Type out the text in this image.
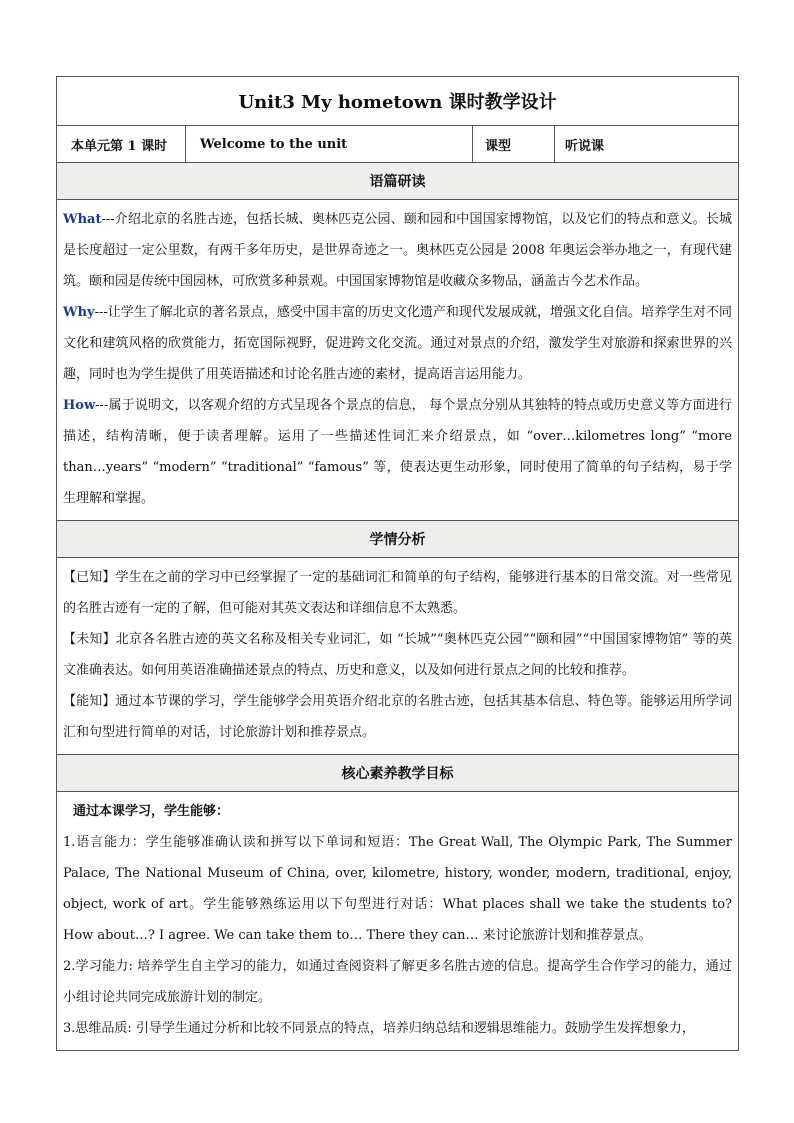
Unit3 My hometown 课时教学设计
本单元第 1 课时	Welcome to the unit	课型	听说课
语篇研读

What---介绍北京的名胜古迹，包括长城、奥林匹克公园、颐和园和中国国家博物馆，以及它们的特点和意义。长城是长度超过一定公里数，有两千多年历史，是世界奇迹之一。奥林匹克公园是 2008 年奥运会举办地之一，有现代建筑。颐和园是传统中国园林，可欣赏多种景观。中国国家博物馆是收藏众多物品，涵盖古今艺术作品。

Why---让学生了解北京的著名景点，感受中国丰富的历史文化遗产和现代发展成就，增强文化自信。培养学生对不同文化和建筑风格的欣赏能力，拓宽国际视野，促进跨文化交流。通过对景点的介绍，激发学生对旅游和探索世界的兴趣，同时也为学生提供了用英语描述和讨论名胜古迹的素材，提高语言运用能力。

How---属于说明文，以客观介绍的方式呈现各个景点的信息， 每个景点分别从其独特的特点或历史意义等方面进行描述，结构清晰，便于读者理解。运用了一些描述性词汇来介绍景点，如 “over…kilometres long” “more than…years” “modern” “traditional” “famous” 等，使表达更生动形象，同时使用了简单的句子结构，易于学生理解和掌握。

学情分析

【已知】学生在之前的学习中已经掌握了一定的基础词汇和简单的句子结构，能够进行基本的日常交流。对一些常见的名胜古迹有一定的了解，但可能对其英文表达和详细信息不太熟悉。

【未知】北京各名胜古迹的英文名称及相关专业词汇，如 “长城”“奥林匹克公园”“颐和园”“中国国家博物馆” 等的英文准确表达。如何用英语准确描述景点的特点、历史和意义，以及如何进行景点之间的比较和推荐。

【能知】通过本节课的学习，学生能够学会用英语介绍北京的名胜古迹，包括其基本信息、特色等。能够运用所学词汇和句型进行简单的对话，讨论旅游计划和推荐景点。

核心素养教学目标

通过本课学习，学生能够：

1.语言能力：学生能够准确认读和拼写以下单词和短语：The Great Wall, The Olympic Park, The Summer Palace, The National Museum of China, over, kilometre, history, wonder, modern, traditional, enjoy, object, work of art。学生能够熟练运用以下句型进行对话：What places shall we take the students to? How about…? I agree. We can take them to… There they can… 来讨论旅游计划和推荐景点。

2.学习能力: 培养学生自主学习的能力，如通过查阅资料了解更多名胜古迹的信息。提高学生合作学习的能力，通过小组讨论共同完成旅游计划的制定。

3.思维品质: 引导学生通过分析和比较不同景点的特点，培养归纳总结和逻辑思维能力。鼓励学生发挥想象力，
